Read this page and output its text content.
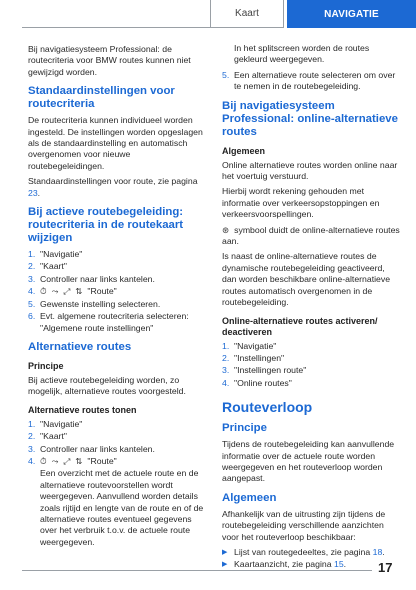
Kaart	NAVIGATIE

Bij navigatiesysteem Professional: de routecriteria voor BMW routes kunnen niet gewijzigd worden.

Standaardinstellingen voor routecriteria

De routecriteria kunnen individueel worden ingesteld. De instellingen worden opgeslagen als de standaardinstelling en automatisch overgenomen voor nieuwe routebegeleidingen.

Standaardinstellingen voor route, zie pagina 23.

Bij actieve routebegeleiding: routecriteria in de routekaart wijzigen
1. "Navigatie"
2. "Kaart"
3. Controller naar links kantelen.
4. ⏱ ⤳ ⤢ ⇅ "Route"
5. Gewenste instelling selecteren.
6. Evt. algemene routecriteria selecteren: "Algemene route instellingen"
Alternatieve routes
Principe

Bij actieve routebegeleiding worden, zo mogelijk, alternatieve routes voorgesteld.

Alternatieve routes tonen
1. "Navigatie"
2. "Kaart"
3. Controller naar links kantelen.
4. ⏱ ⤳ ⤢ ⇅ "Route"

Een overzicht met de actuele route en de alternatieve routevoorstellen wordt weergegeven. Aanvullend worden details zoals rijtijd en lengte van de route en of de alternatieve routes eventueel gegevens over het verbruik t.o.v. de actuele route weergegeven.

In het splitscreen worden de routes gekleurd weergegeven.

5. Een alternatieve route selecteren om over te nemen in de routebegeleiding.
Bij navigatiesysteem Professional: online-alternatieve routes
Algemeen

Online alternatieve routes worden online naar het voertuig verstuurd.

Hierbij wordt rekening gehouden met informatie over verkeersopstoppingen en verkeersvoorspellingen.

⊛ symbool duidt de online-alternatieve routes aan.

Is naast de online-alternatieve routes de dynamische routebegeleiding geactiveerd, dan worden beschikbare online-alternatieve routes automatisch overgenomen in de routebegeleiding.

Online-alternatieve routes activeren/ deactiveren
1. "Navigatie"
2. "Instellingen"
3. "Instellingen route"
4. "Online routes"
Routeverloop
Principe

Tijdens de routebegeleiding kan aanvullende informatie over de actuele route worden weergegeven en het routeverloop worden aangepast.

Algemeen

Afhankelijk van de uitrusting zijn tijdens de routebegeleiding verschillende aanzichten voor het routeverloop beschikbaar:

▶ Lijst van routegedeeltes, zie pagina 18.
▶ Kaartaanzicht, zie pagina 15.	17
